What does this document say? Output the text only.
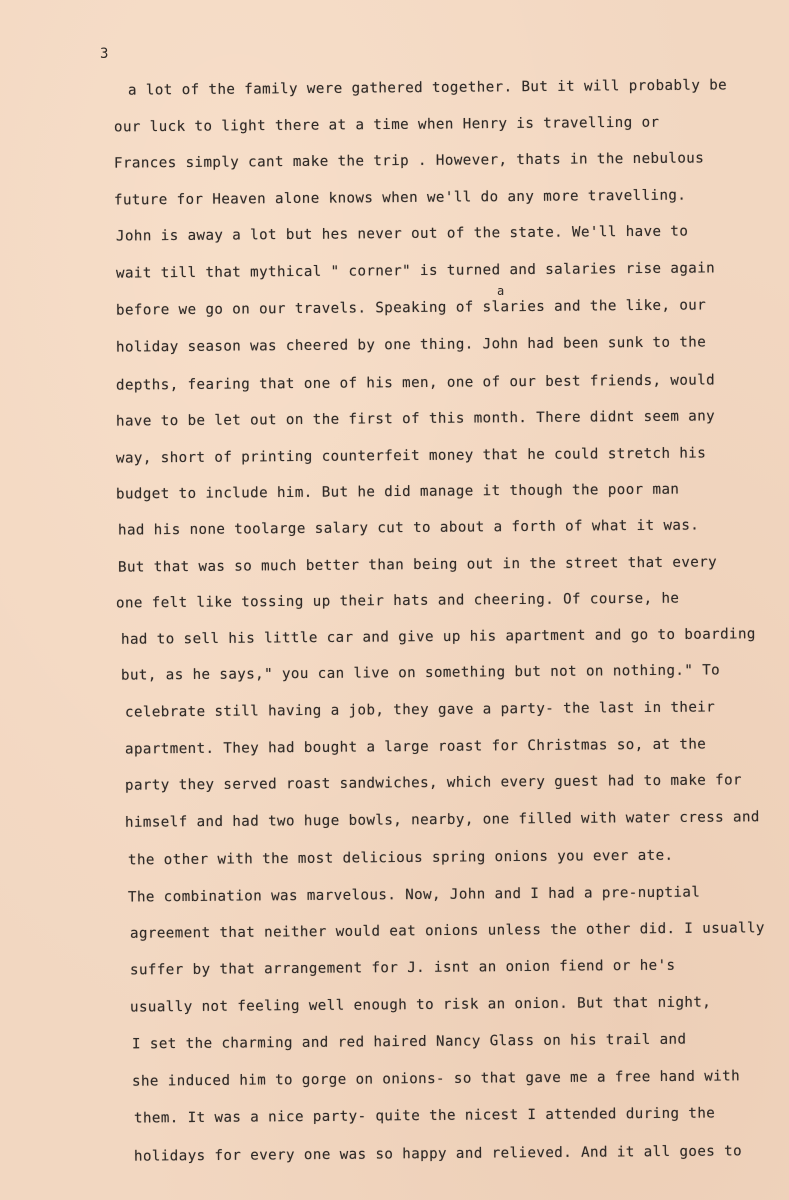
3
a
a lot of the family were gathered together. But it will probably be
our luck to light there at a time when Henry is travelling or
Frances simply cant make the trip . However, thats in the nebulous
future for Heaven alone knows when we'll do any more travelling.
John is away a lot but hes never out of the state. We'll have to
wait till that mythical " corner" is turned and salaries rise again
before we go on our travels. Speaking of slaries and the like, our
holiday season was cheered by one thing. John had been sunk to the
depths, fearing that one of his men, one of our best friends, would
have to be let out on the first of this month. There didnt seem any
way, short of printing counterfeit money that he could stretch his
budget to include him. But he did manage it though the poor man
had his none toolarge salary cut to about a forth of what it was.
But that was so much better than being out in the street that every
one felt like tossing up their hats and cheering. Of course, he
had to sell his little car and give up his apartment and go to boarding
but, as he says," you can live on something but not on nothing." To
celebrate still having a job, they gave a party- the last in their
apartment. They had bought a large roast for Christmas so, at the
party they served roast sandwiches, which every guest had to make for
himself and had two huge bowls, nearby, one filled with water cress and
the other with the most delicious spring onions you ever ate.
The combination was marvelous. Now, John and I had a pre-nuptial
agreement that neither would eat onions unless the other did. I usually
suffer by that arrangement for J. isnt an onion fiend or he's
usually not feeling well enough to risk an onion. But that night,
I set the charming and red haired Nancy Glass on his trail and
she induced him to gorge on onions- so that gave me a free hand with
them. It was a nice party- quite the nicest I attended during the
holidays for every one was so happy and relieved. And it all goes to
